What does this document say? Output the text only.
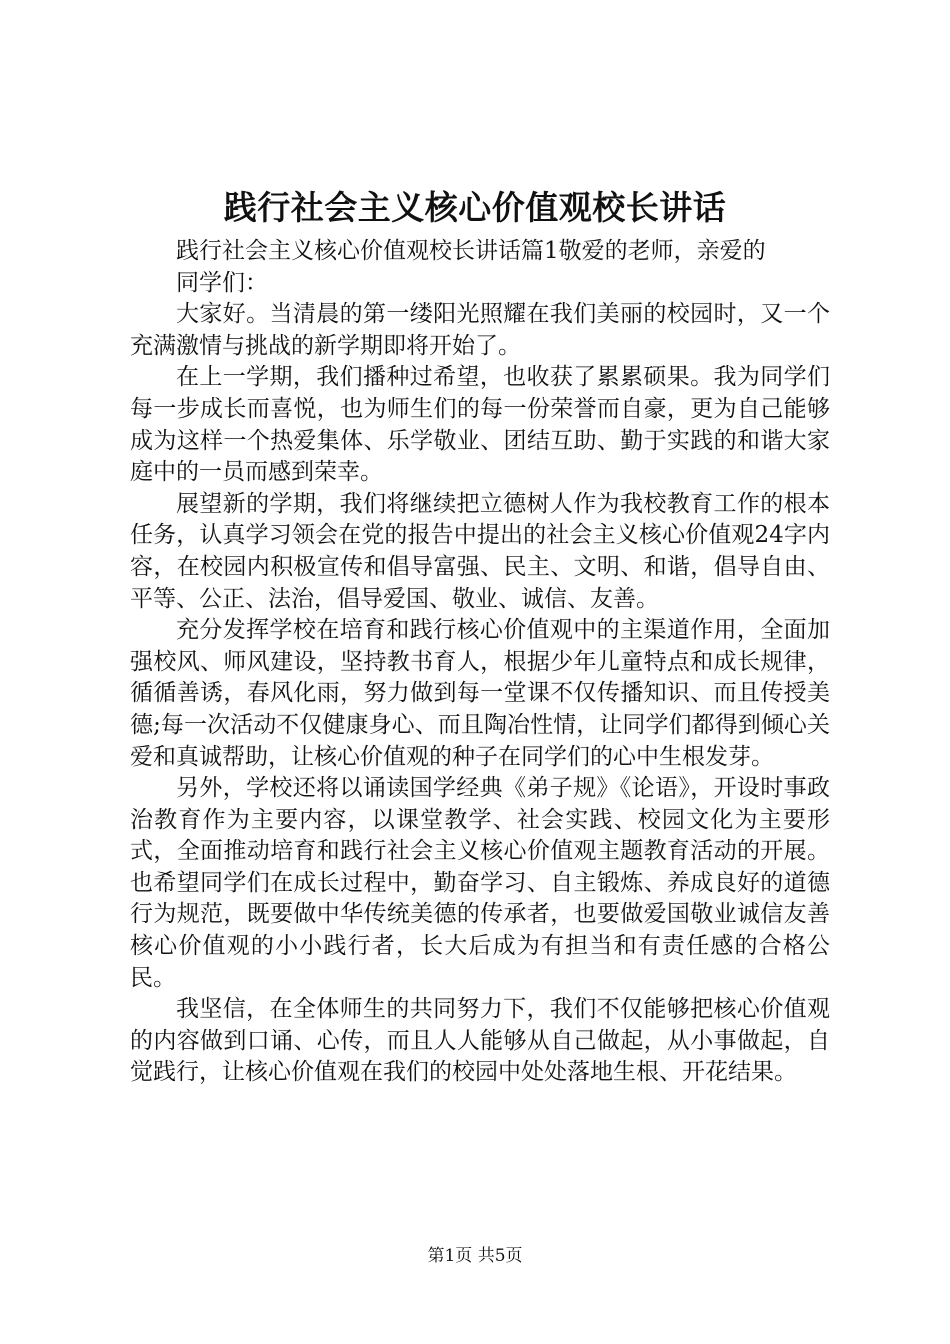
践行社会主义核心价值观校长讲话

践行社会主义核心价值观校长讲话篇1敬爱的老师，亲爱的

同学们：

大家好。当清晨的第一缕阳光照耀在我们美丽的校园时，又一个充满激情与挑战的新学期即将开始了。

在上一学期，我们播种过希望，也收获了累累硕果。我为同学们每一步成长而喜悦，也为师生们的每一份荣誉而自豪，更为自己能够成为这样一个热爱集体、乐学敬业、团结互助、勤于实践的和谐大家庭中的一员而感到荣幸。

展望新的学期，我们将继续把立德树人作为我校教育工作的根本任务，认真学习领会在党的报告中提出的社会主义核心价值观24字内容，在校园内积极宣传和倡导富强、民主、文明、和谐，倡导自由、平等、公正、法治，倡导爱国、敬业、诚信、友善。

充分发挥学校在培育和践行核心价值观中的主渠道作用，全面加强校风、师风建设，坚持教书育人，根据少年儿童特点和成长规律，循循善诱，春风化雨，努力做到每一堂课不仅传播知识、而且传授美德;每一次活动不仅健康身心、而且陶冶性情，让同学们都得到倾心关爱和真诚帮助，让核心价值观的种子在同学们的心中生根发芽。

另外，学校还将以诵读国学经典《弟子规》《论语》，开设时事政治教育作为主要内容，以课堂教学、社会实践、校园文化为主要形式，全面推动培育和践行社会主义核心价值观主题教育活动的开展。也希望同学们在成长过程中，勤奋学习、自主锻炼、养成良好的道德行为规范，既要做中华传统美德的传承者，也要做爱国敬业诚信友善核心价值观的小小践行者，长大后成为有担当和有责任感的合格公民。

我坚信，在全体师生的共同努力下，我们不仅能够把核心价值观的内容做到口诵、心传，而且人人能够从自己做起，从小事做起，自觉践行，让核心价值观在我们的校园中处处落地生根、开花结果。

第1页 共5页
